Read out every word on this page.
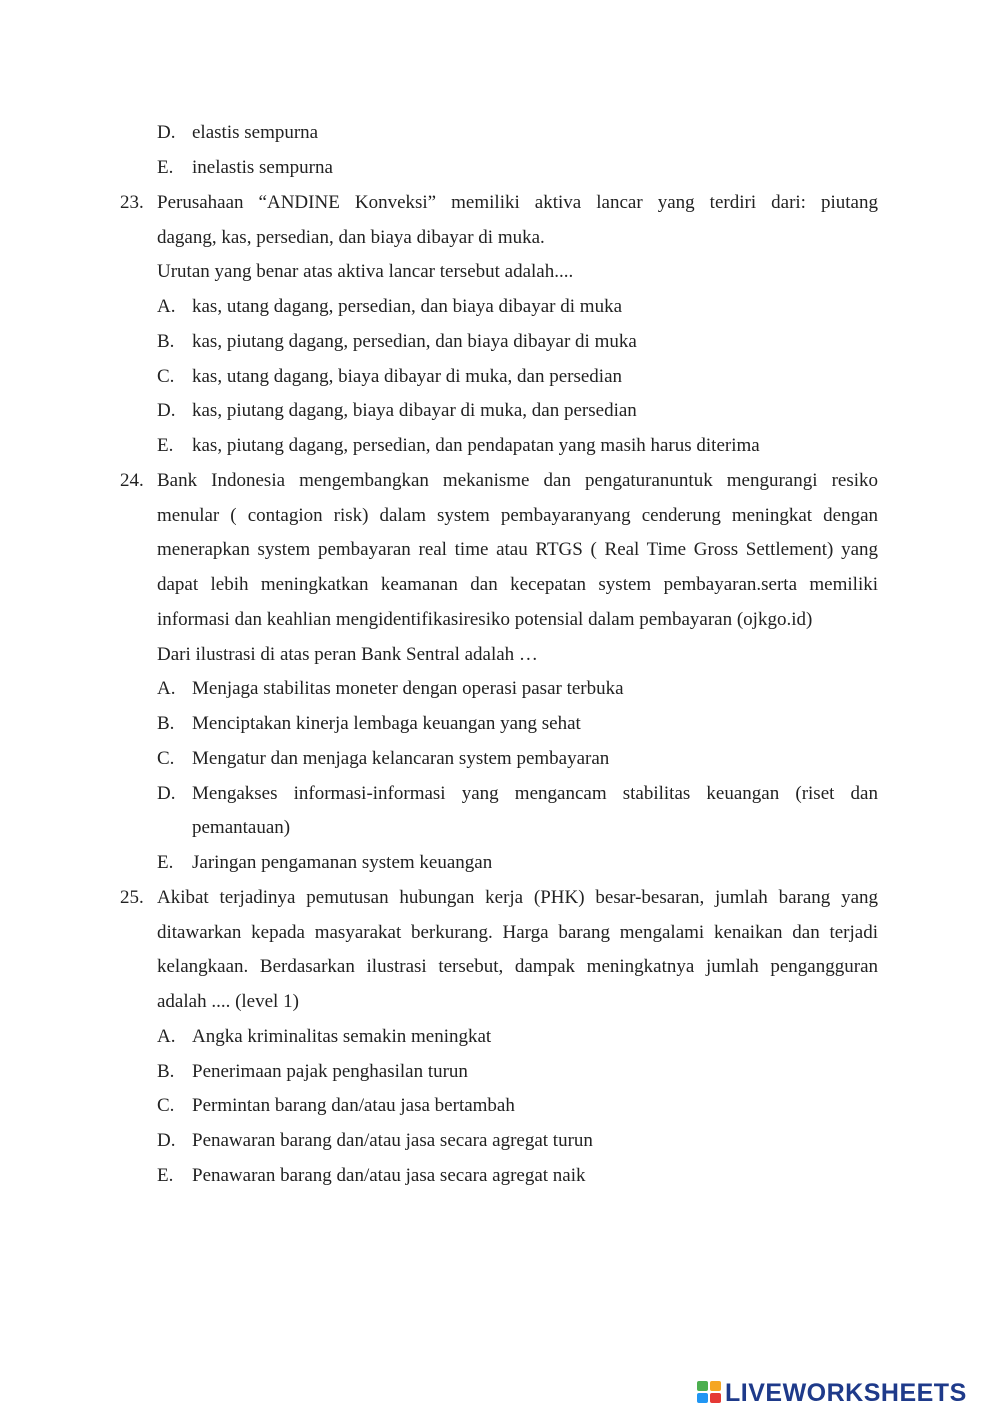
D. elastis sempurna
E. inelastis sempurna
23. Perusahaan “ANDINE Konveksi” memiliki aktiva lancar yang terdiri dari: piutang
dagang, kas, persedian, dan biaya dibayar di muka.
Urutan yang benar atas aktiva lancar tersebut adalah....
A. kas, utang dagang, persedian, dan biaya dibayar di muka
B. kas, piutang dagang, persedian, dan biaya dibayar di muka
C. kas, utang dagang, biaya dibayar di muka, dan persedian
D. kas, piutang dagang, biaya dibayar di muka, dan persedian
E. kas, piutang dagang, persedian, dan pendapatan yang masih harus diterima
24. Bank Indonesia mengembangkan mekanisme dan pengaturanuntuk mengurangi resiko
menular ( contagion risk) dalam system pembayaranyang cenderung meningkat dengan
menerapkan system pembayaran real time atau RTGS ( Real Time Gross Settlement) yang
dapat lebih meningkatkan keamanan dan kecepatan system pembayaran.serta memiliki
informasi dan keahlian mengidentifikasiresiko potensial dalam pembayaran (ojkgo.id)
Dari ilustrasi di atas peran Bank Sentral adalah …
A. Menjaga stabilitas moneter dengan operasi pasar terbuka
B. Menciptakan kinerja lembaga keuangan yang sehat
C. Mengatur dan menjaga kelancaran system pembayaran
D. Mengakses informasi-informasi yang mengancam stabilitas keuangan (riset dan
pemantauan)
E. Jaringan pengamanan system keuangan
25. Akibat terjadinya pemutusan hubungan kerja (PHK) besar-besaran, jumlah barang yang
ditawarkan kepada masyarakat berkurang. Harga barang mengalami kenaikan dan terjadi
kelangkaan. Berdasarkan ilustrasi tersebut, dampak meningkatnya jumlah pengangguran
adalah .... (level 1)
A. Angka kriminalitas semakin meningkat
B. Penerimaan pajak penghasilan turun
C. Permintan barang dan/atau jasa bertambah
D. Penawaran barang dan/atau jasa secara agregat turun
E. Penawaran barang dan/atau jasa secara agregat naik
LIVEWORKSHEETS
